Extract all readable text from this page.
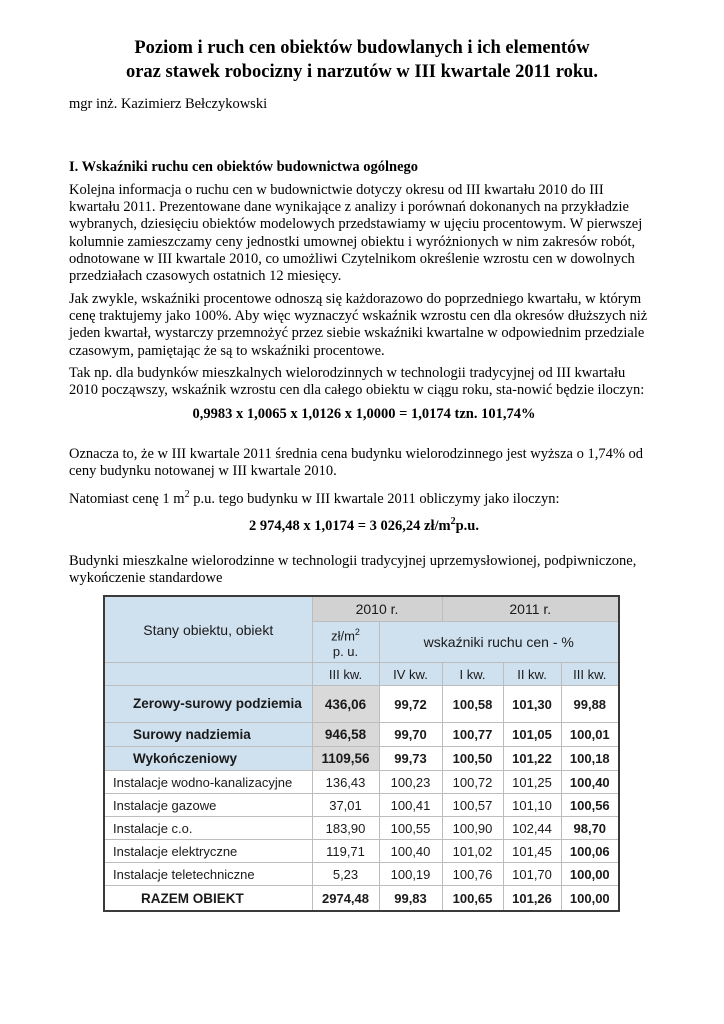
Poziom i ruch cen obiektów budowlanych i ich elementów
oraz stawek robocizny i narzutów w III kwartale 2011 roku.
mgr inż. Kazimierz Bełczykowski
I. Wskaźniki ruchu cen obiektów budownictwa ogólnego
Kolejna informacja o ruchu cen w budownictwie dotyczy okresu od III kwartału 2010 do III
kwartału 2011. Prezentowane dane wynikające z analizy i porównań dokonanych na przykładzie
wybranych, dziesięciu obiektów modelowych przedstawiamy w ujęciu procentowym. W pierwszej
kolumnie zamieszczamy ceny jednostki umownej obiektu i wyróżnionych w nim zakresów robót,
odnotowane w III kwartale 2010, co umożliwi Czytelnikom określenie wzrostu cen w dowolnych
przedziałach czasowych ostatnich 12 miesięcy.
Jak zwykle, wskaźniki procentowe odnoszą się każdorazowo do poprzedniego kwartału, w którym
cenę traktujemy jako 100%. Aby więc wyznaczyć wskaźnik wzrostu cen dla okresów dłuższych niż
jeden kwartał, wystarczy przemnożyć przez siebie wskaźniki kwartalne w odpowiednim przedziale
czasowym, pamiętając że są to wskaźniki procentowe.
Tak np. dla budynków mieszkalnych wielorodzinnych w technologii tradycyjnej od III kwartału
2010 począwszy, wskaźnik wzrostu cen dla całego obiektu w ciągu roku, sta-nowić będzie iloczyn:
0,9983 x 1,0065 x 1,0126 x 1,0000 = 1,0174 tzn. 101,74%
Oznacza to, że w III kwartale 2011 średnia cena budynku wielorodzinnego jest wyższa o 1,74% od
ceny budynku notowanej w III kwartale 2010.
Natomiast cenę 1 $m^2$ p.u. tego budynku w III kwartale 2011 obliczymy jako iloczyn:
2 974,48 x 1,0174 = 3 026,24 $zł/m^2p.u$.
Budynki mieszkalne wielorodzinne w technologii tradycyjnej uprzemysłowionej, podpiwniczone,
wykończenie standardowe
Stany obiektu, obiekt	2010 r.		2011 r.		
	$zł/m^2$
p. u.	wskaźniki ruchu cen - %			
	III kw.	IV kw.	I kw.	II kw.	III kw.
Zerowy-surowy podziemia	436,06	99,72	100,58	101,30	99,88
Surowy nadziemia	946,58	99,70	100,77	101,05	100,01
Wykończeniowy	1109,56	99,73	100,50	101,22	100,18
Instalacje wodno-kanalizacyjne	136,43	100,23	100,72	101,25	100,40
Instalacje gazowe	37,01	100,41	100,57	101,10	100,56
Instalacje c.o.	183,90	100,55	100,90	102,44	98,70
Instalacje elektryczne	119,71	100,40	101,02	101,45	100,06
Instalacje teletechniczne	5,23	100,19	100,76	101,70	100,00
RAZEM OBIEKT	2974,48	99,83	100,65	101,26	100,00
